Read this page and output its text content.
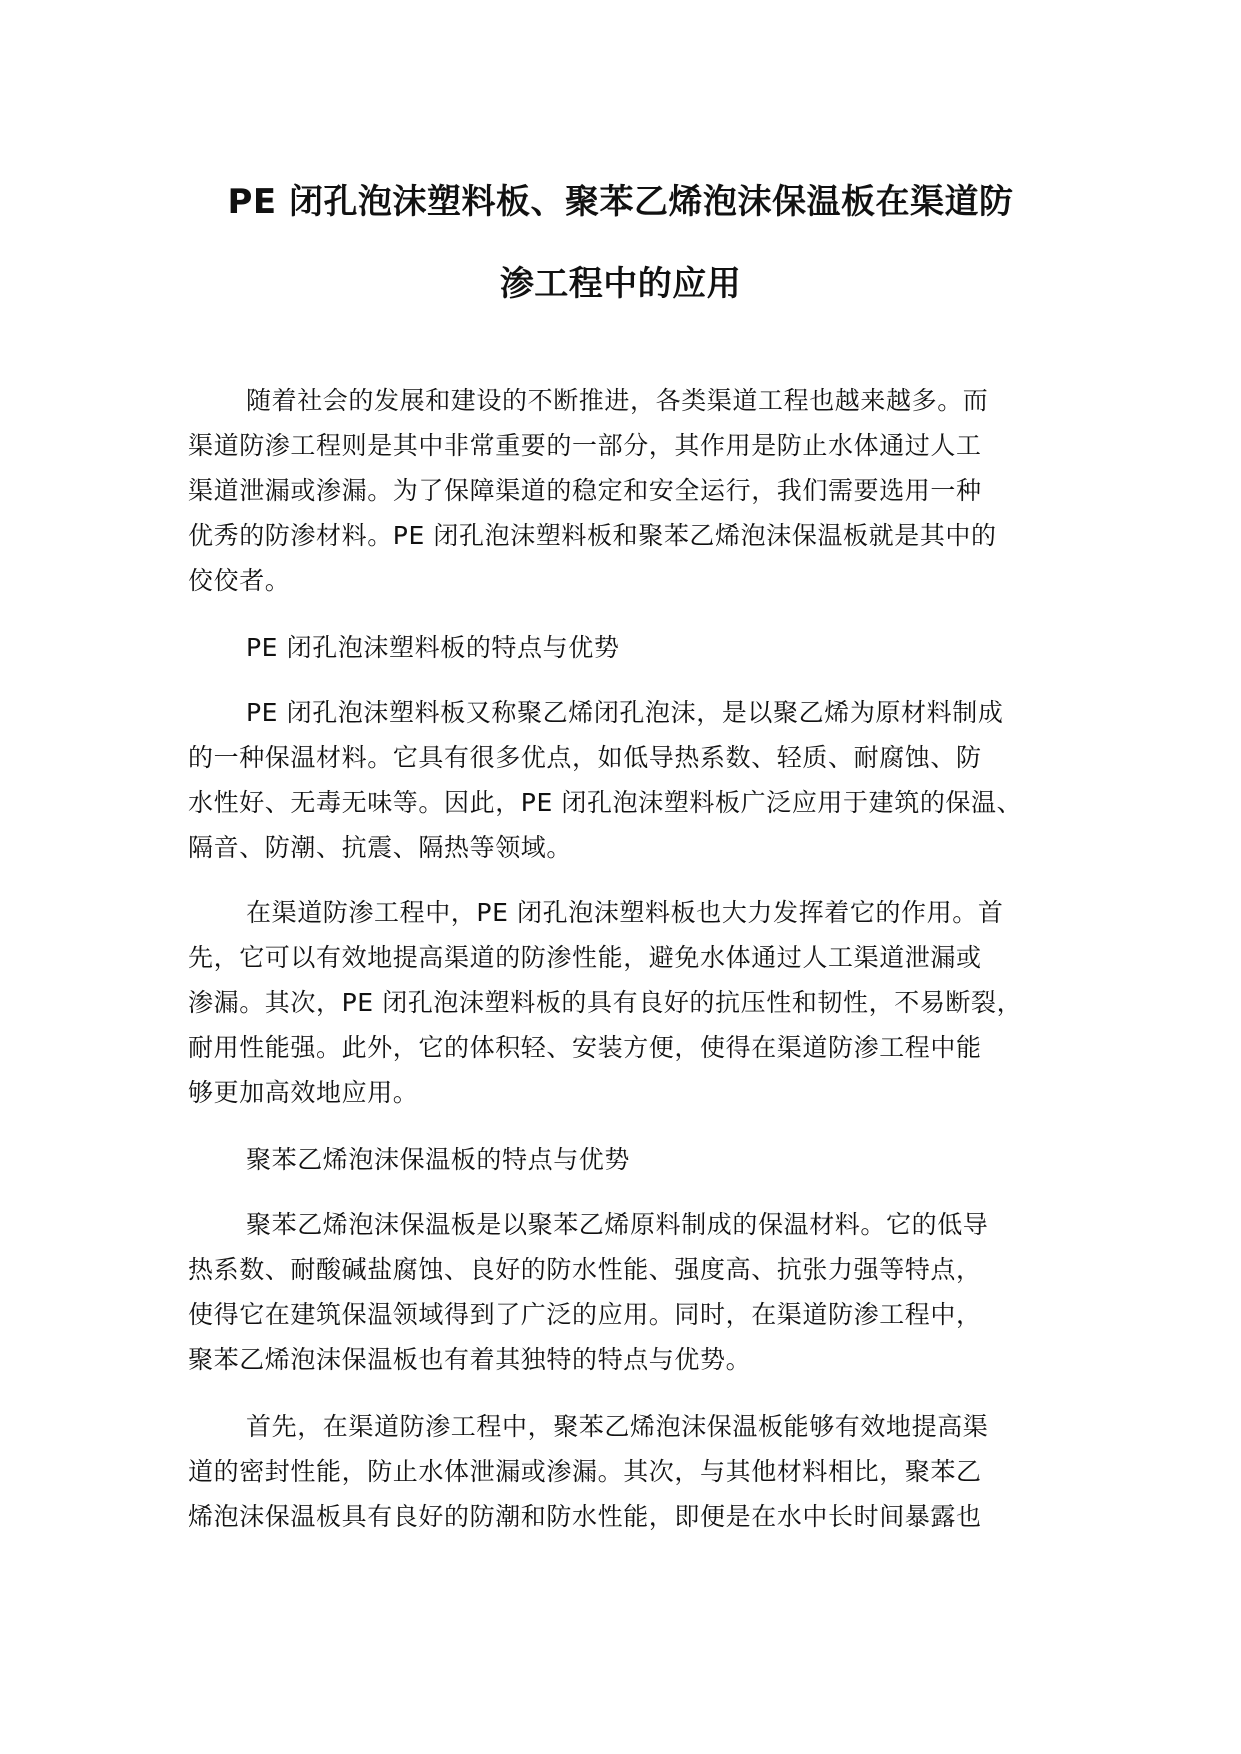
PE 闭孔泡沫塑料板、聚苯乙烯泡沫保温板在渠道防
渗工程中的应用
随着社会的发展和建设的不断推进，各类渠道工程也越来越多。而
渠道防渗工程则是其中非常重要的一部分，其作用是防止水体通过人工
渠道泄漏或渗漏。为了保障渠道的稳定和安全运行，我们需要选用一种
优秀的防渗材料。PE 闭孔泡沫塑料板和聚苯乙烯泡沫保温板就是其中的
佼佼者。
PE 闭孔泡沫塑料板的特点与优势
PE 闭孔泡沫塑料板又称聚乙烯闭孔泡沫，是以聚乙烯为原材料制成
的一种保温材料。它具有很多优点，如低导热系数、轻质、耐腐蚀、防
水性好、无毒无味等。因此，PE 闭孔泡沫塑料板广泛应用于建筑的保温、
隔音、防潮、抗震、隔热等领域。
在渠道防渗工程中，PE 闭孔泡沫塑料板也大力发挥着它的作用。首
先，它可以有效地提高渠道的防渗性能，避免水体通过人工渠道泄漏或
渗漏。其次，PE 闭孔泡沫塑料板的具有良好的抗压性和韧性，不易断裂，
耐用性能强。此外，它的体积轻、安装方便，使得在渠道防渗工程中能
够更加高效地应用。
聚苯乙烯泡沫保温板的特点与优势
聚苯乙烯泡沫保温板是以聚苯乙烯原料制成的保温材料。它的低导
热系数、耐酸碱盐腐蚀、良好的防水性能、强度高、抗张力强等特点，
使得它在建筑保温领域得到了广泛的应用。同时，在渠道防渗工程中，
聚苯乙烯泡沫保温板也有着其独特的特点与优势。
首先，在渠道防渗工程中，聚苯乙烯泡沫保温板能够有效地提高渠
道的密封性能，防止水体泄漏或渗漏。其次，与其他材料相比，聚苯乙
烯泡沫保温板具有良好的防潮和防水性能，即便是在水中长时间暴露也
